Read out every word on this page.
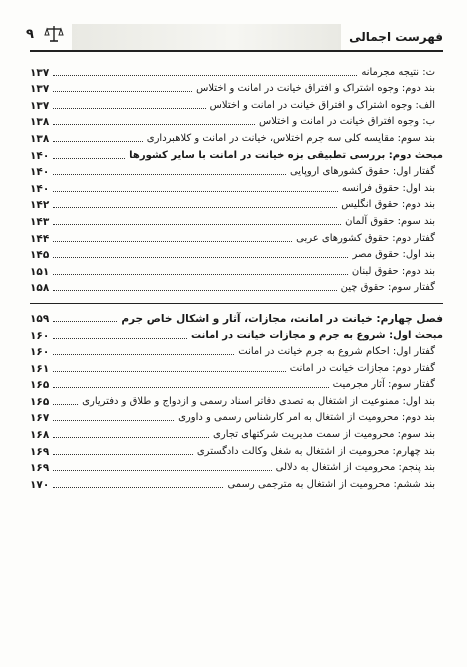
۹	فهرست اجمالی
ت: نتیجه مجرمانه
۱۳۷
بند دوم: وجوه اشتراک و افتراق خیانت در امانت و اختلاس
۱۳۷
الف: وجوه اشتراک و افتراق خیانت در امانت و اختلاس
۱۳۷
ب: وجوه افتراق خیانت در امانت و اختلاس
۱۳۸
بند سوم: مقایسه کلی سه جرم اختلاس، خیانت در امانت و کلاهبرداری
۱۳۸
مبحث دوم: بررسی تطبیقی بزه خیانت در امانت با سایر کشورها
۱۴۰
گفتار اول: حقوق کشورهای اروپایی
۱۴۰
بند اول: حقوق فرانسه
۱۴۰
بند دوم: حقوق انگلیس
۱۴۲
بند سوم: حقوق آلمان
۱۴۳
گفتار دوم: حقوق کشورهای عربی
۱۴۴
بند اول: حقوق مصر
۱۴۵
بند دوم: حقوق لبنان
۱۵۱
گفتار سوم: حقوق چین
۱۵۸
فصل چهارم: خیانت در امانت، مجازات، آثار و اشکال خاص جرم
۱۵۹
مبحث اول: شروع به جرم و مجازات خیانت در امانت
۱۶۰
گفتار اول: احکام شروع به جرم خیانت در امانت
۱۶۰
گفتار دوم: مجازات خیانت در امانت
۱۶۱
گفتار سوم: آثار مجرمیت
۱۶۵
بند اول: ممنوعیت از اشتغال به تصدی دفاتر اسناد رسمی و ازدواج و طلاق و دفتریاری
۱۶۵
بند دوم: محرومیت از اشتغال به امر کارشناس رسمی و داوری
۱۶۷
بند سوم: محرومیت از سمت مدیریت شرکتهای تجاری
۱۶۸
بند چهارم: محرومیت از اشتغال به شغل وکالت دادگستری
۱۶۹
بند پنجم: محرومیت از اشتغال به دلالی
۱۶۹
بند ششم: محرومیت از اشتغال به مترجمی رسمی
۱۷۰
